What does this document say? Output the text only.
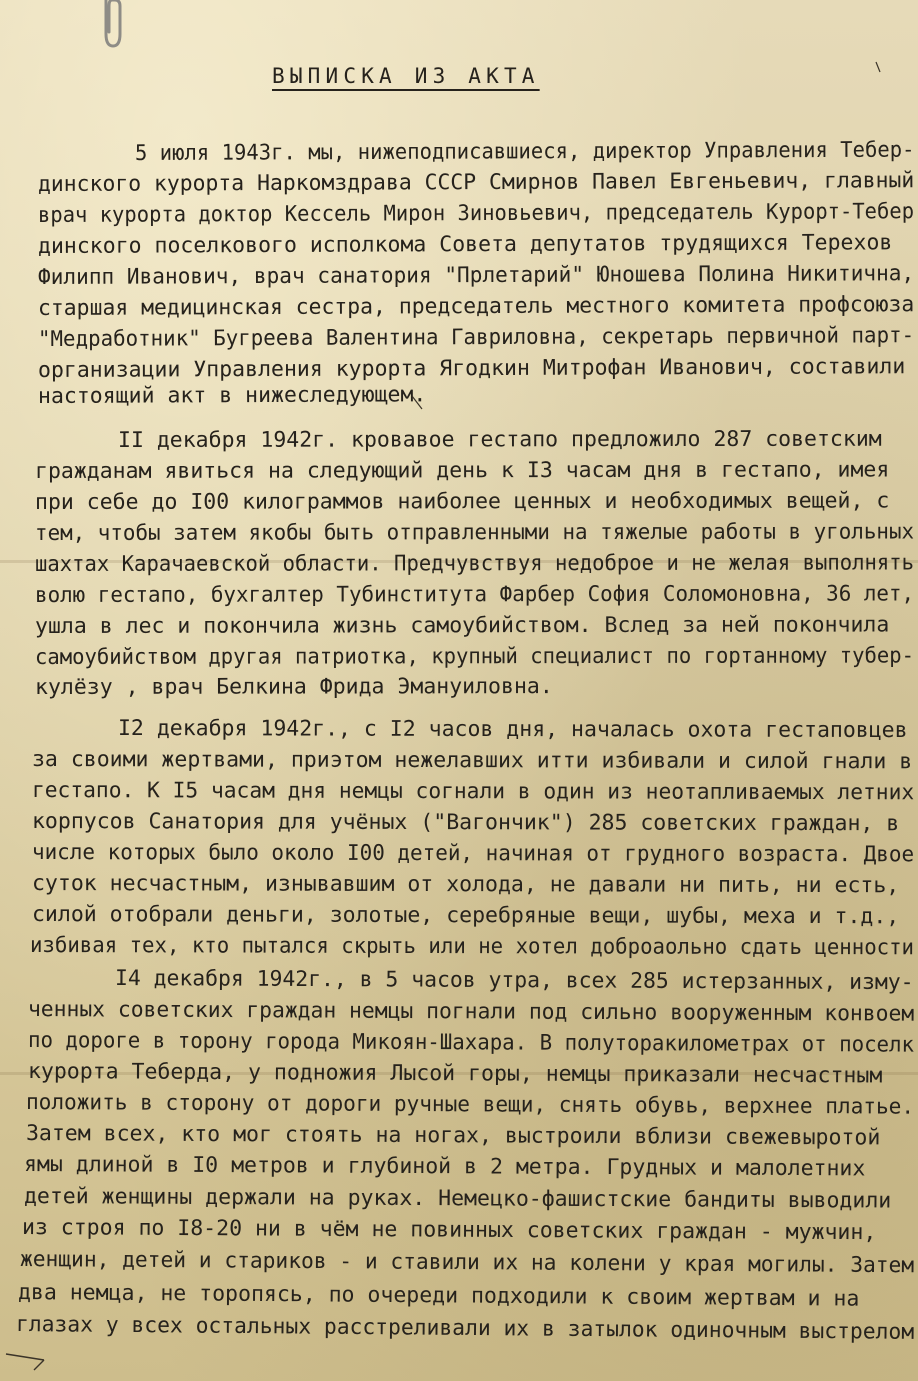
ВЫПИСКА ИЗ АКТА
5 июля 1943г. мы, нижеподписавшиеся, директор Управления Тебер-
динского курорта Наркомздрава СССР Смирнов Павел Евгеньевич, главный
врач курорта доктор Кессель Мирон Зиновьевич, председатель Курорт-Тебер
динского поселкового исполкома Совета депутатов трудящихся Терехов
Филипп Иванович, врач санатория "Прлетарий" Юношева Полина Никитична,
старшая медицинская сестра, председатель местного комитета профсоюза
"Медработник" Бугреева Валентина Гавриловна, секретарь первичной парт-
организации Управления курорта Ягодкин Митрофан Иванович, составили
настоящий акт в нижеследующем.
II декабря 1942г. кровавое гестапо предложило 287 советским
гражданам явиться на следующий день к I3 часам дня в гестапо, имея
при себе до I00 килограммов наиболее ценных и необходимых вещей, с
тем, чтобы затем якобы быть отправленными на тяжелые работы в угольных
шахтах Карачаевской области. Предчувствуя недоброе и не желая выполнять
волю гестапо, бухгалтер Тубинститута Фарбер София Соломоновна, 36 лет,
ушла в лес и покончила жизнь самоубийством. Вслед за ней покончила
самоубийством другая патриотка, крупный специалист по гортанному тубер-
кулёзу , врач Белкина Фрида Эмануиловна.
I2 декабря 1942г., с I2 часов дня, началась охота гестаповцев
за своими жертвами, приэтом нежелавших итти избивали и силой гнали в
гестапо. К I5 часам дня немцы согнали в один из неотапливаемых летних
корпусов Санатория для учёных ("Вагончик") 285 советских граждан, в
числе которых было около I00 детей, начиная от грудного возраста. Двое
суток несчастным, изнывавшим от холода, не давали ни пить, ни есть,
силой отобрали деньги, золотые, серебряные вещи, шубы, меха и т.д.,
избивая тех, кто пытался скрыть или не хотел доброаольно сдать ценности
I4 декабря 1942г., в 5 часов утра, всех 285 истерзанных, изму-
ченных советских граждан немцы погнали под сильно вооруженным конвоем
по дороге в торону города Микоян-Шахара. В полуторакилометрах от поселк
курорта Теберда, у подножия Лысой горы, немцы приказали несчастным
положить в сторону от дороги ручные вещи, снять обувь, верхнее платье.
Затем всех, кто мог стоять на ногах, выстроили вблизи свежевыротой
ямы длиной в I0 метров и глубиной в 2 метра. Грудных и малолетних
детей женщины держали на руках. Немецко-фашистские бандиты выводили
из строя по I8-20 ни в чём не повинных советских граждан - мужчин,
женщин, детей и стариков - и ставили их на колени у края могилы. Затем
два немца, не торопясь, по очереди подходили к своим жертвам и на
глазах у всех остальных расстреливали их в затылок одиночным выстрелом
